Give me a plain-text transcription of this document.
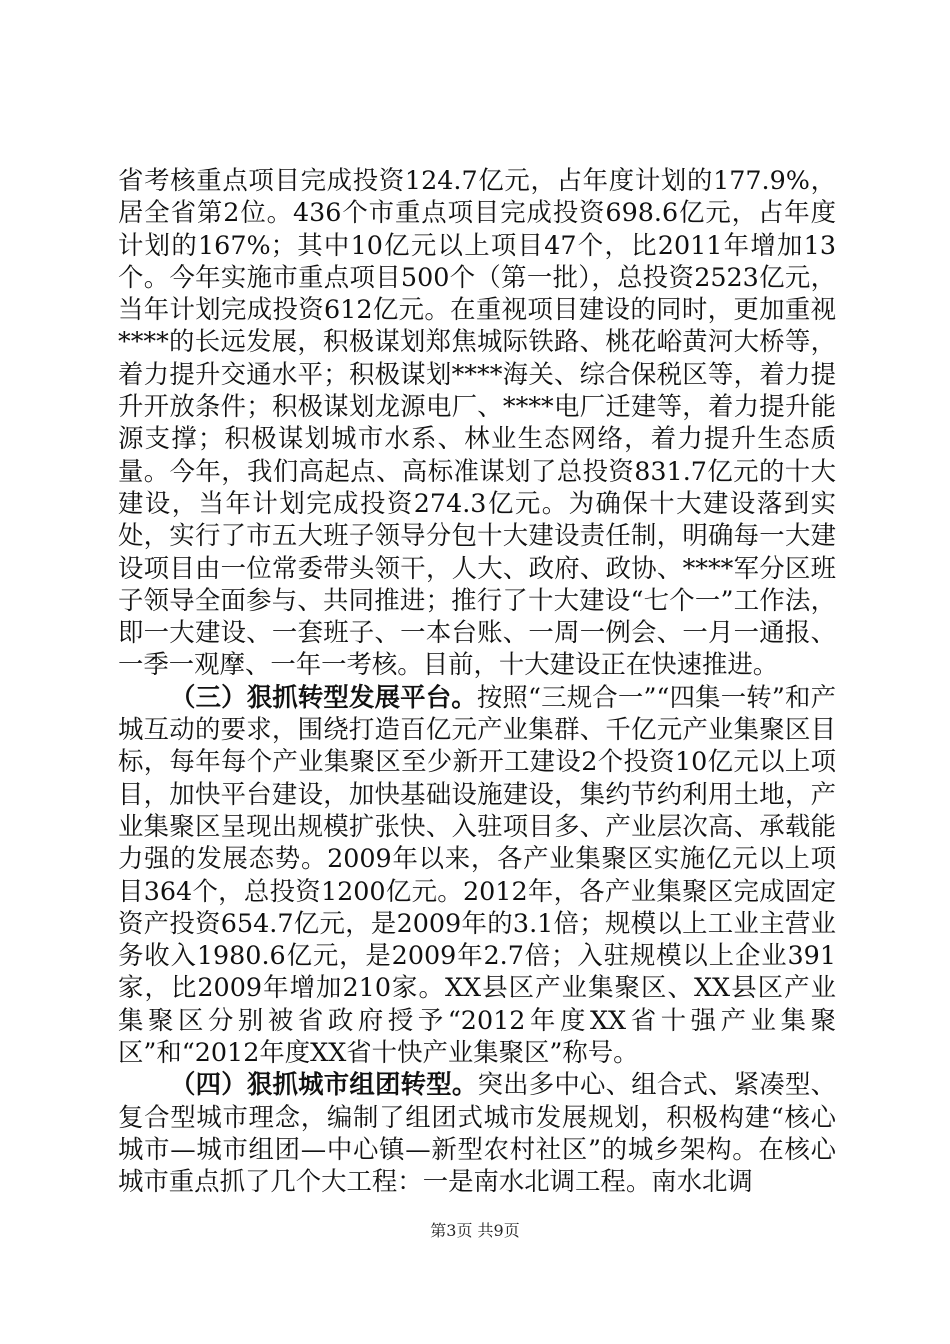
省考核重点项目完成投资124.7亿元，占年度计划的177.9%，居全省第2位。436个市重点项目完成投资698.6亿元，占年度计划的167%；其中10亿元以上项目47个，比2011年增加13个。今年实施市重点项目500个（第一批），总投资2523亿元，当年计划完成投资612亿元。在重视项目建设的同时，更加重视****的长远发展，积极谋划郑焦城际铁路、桃花峪黄河大桥等，着力提升交通水平；积极谋划****海关、综合保税区等，着力提升开放条件；积极谋划龙源电厂、****电厂迁建等，着力提升能源支撑；积极谋划城市水系、林业生态网络，着力提升生态质量。今年，我们高起点、高标准谋划了总投资831.7亿元的十大建设，当年计划完成投资274.3亿元。为确保十大建设落到实处，实行了市五大班子领导分包十大建设责任制，明确每一大建设项目由一位常委带头领干，人大、政府、政协、****军分区班子领导全面参与、共同推进；推行了十大建设“七个一”工作法，即一大建设、一套班子、一本台账、一周一例会、一月一通报、一季一观摩、一年一考核。目前，十大建设正在快速推进。

（三）狠抓转型发展平台。按照“三规合一”“四集一转”和产城互动的要求，围绕打造百亿元产业集群、千亿元产业集聚区目标，每年每个产业集聚区至少新开工建设2个投资10亿元以上项目，加快平台建设，加快基础设施建设，集约节约利用土地，产业集聚区呈现出规模扩张快、入驻项目多、产业层次高、承载能力强的发展态势。2009年以来，各产业集聚区实施亿元以上项目364个，总投资1200亿元。2012年，各产业集聚区完成固定资产投资654.7亿元，是2009年的3.1倍；规模以上工业主营业务收入1980.6亿元，是2009年2.7倍；入驻规模以上企业391家，比2009年增加210家。XX县区产业集聚区、XX县区产业集聚区分别被省政府授予“2012年度XX省十强产业集聚区”和“2012年度XX省十快产业集聚区”称号。

（四）狠抓城市组团转型。突出多中心、组合式、紧凑型、复合型城市理念，编制了组团式城市发展规划，积极构建“核心城市—城市组团—中心镇—新型农村社区”的城乡架构。在核心城市重点抓了几个大工程：一是南水北调工程。南水北调

第3页 共9页
